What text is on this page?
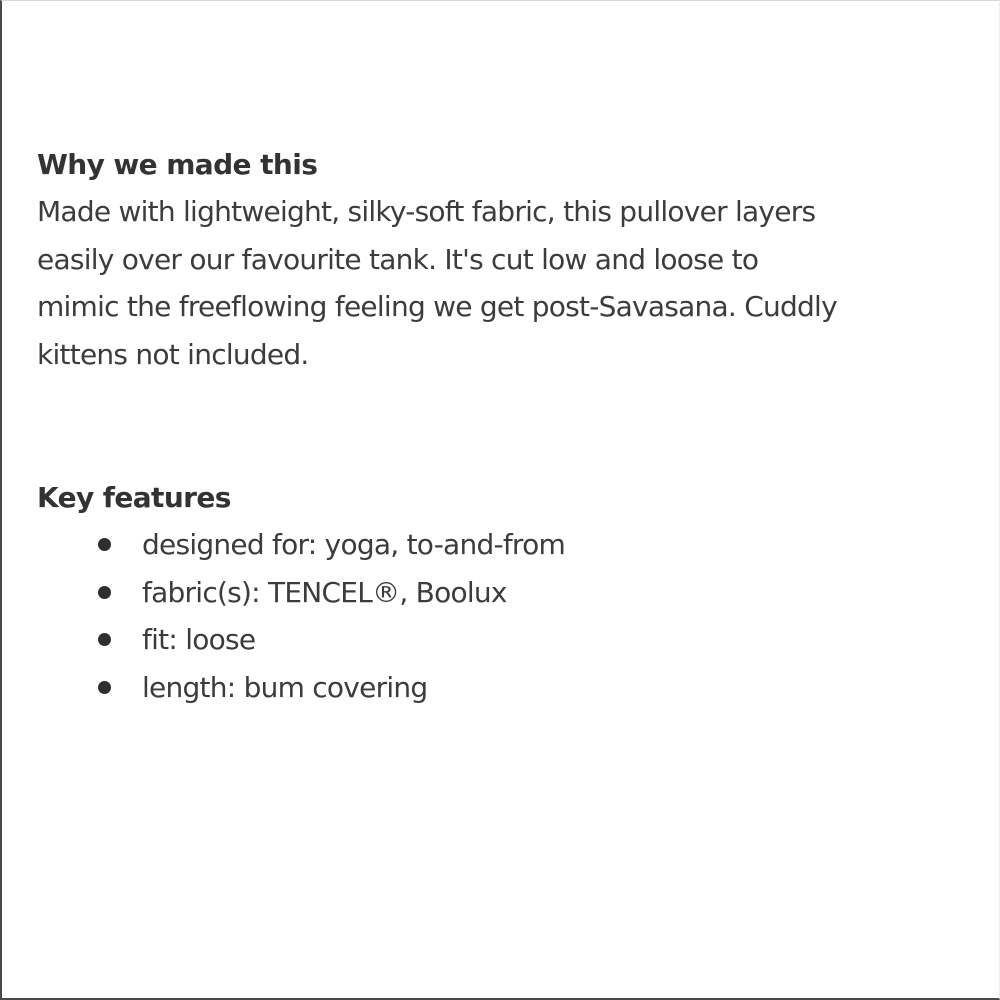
Why we made this
Made with lightweight, silky-soft fabric, this pullover layers
easily over our favourite tank. It's cut low and loose to
mimic the freeflowing feeling we get post-Savasana. Cuddly
kittens not included.
Key features
designed for: yoga, to-and-from
fabric(s): TENCEL®, Boolux
fit: loose
length: bum covering
